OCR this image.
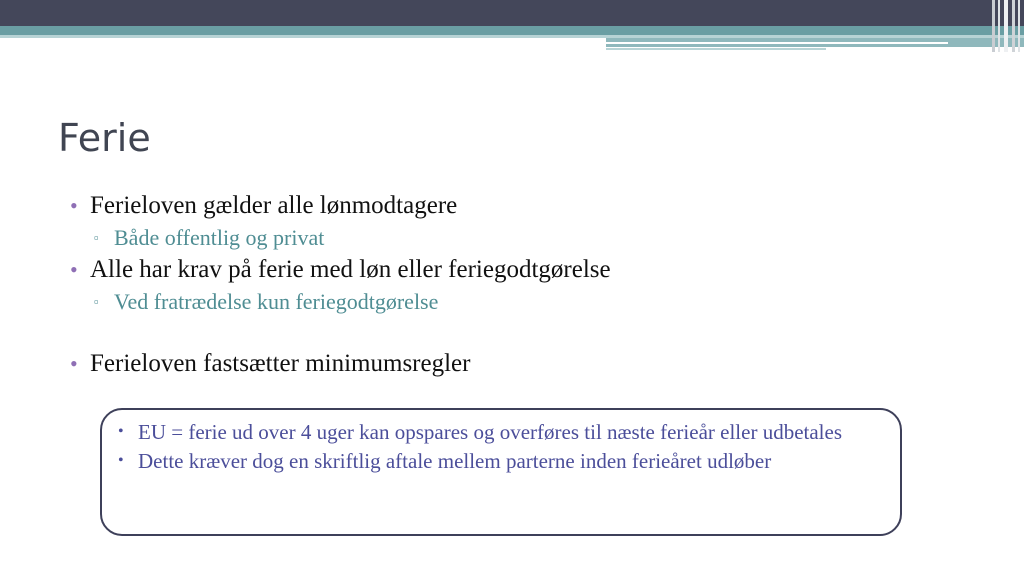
Ferie
• Ferieloven gælder alle lønmodtagere
▫ Både offentlig og privat
• Alle har krav på ferie med løn eller feriegodtgørelse
▫ Ved fratrædelse kun feriegodtgørelse
• Ferieloven fastsætter minimumsregler
• EU = ferie ud over 4 uger kan opspares og overføres til næste ferieår eller udbetales
• Dette kræver dog en skriftlig aftale mellem parterne inden ferieåret udløber
